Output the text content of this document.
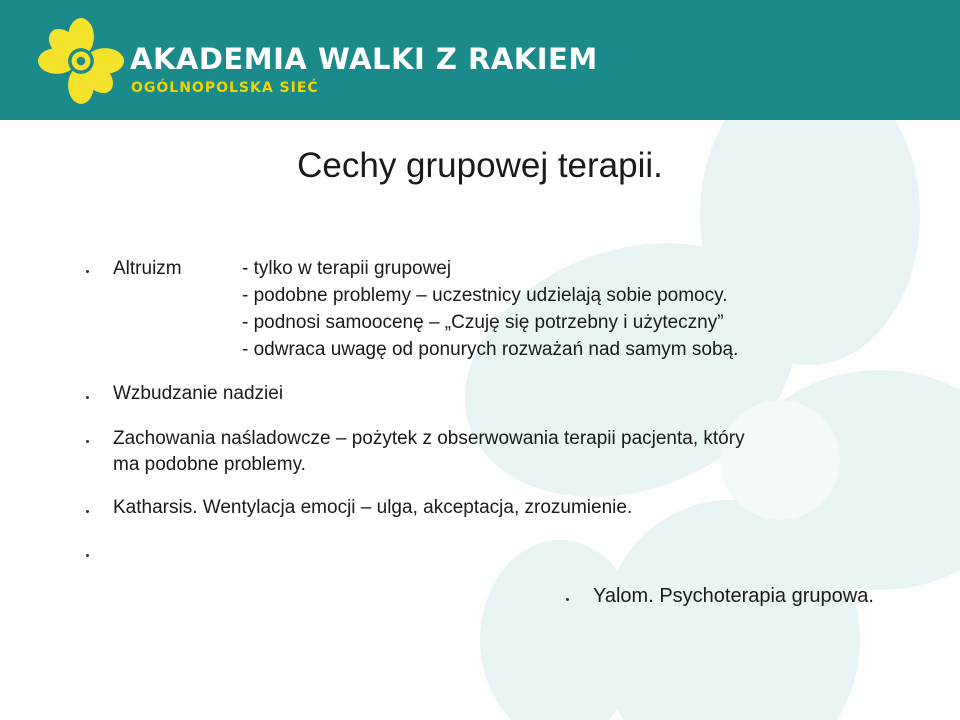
AKADEMIA WALKI Z RAKIEM

OGÓLNOPOLSKA SIEĆ

Cechy grupowej terapii.

Altruizm	- tylko w terapii grupowej

- podobne problemy – uczestnicy udzielają sobie pomocy.

- podnosi samoocenę – „Czuję się potrzebny i użyteczny”

- odwraca uwagę od ponurych rozważań nad samym sobą.

Wzbudzanie nadziei

Zachowania naśladowcze – pożytek z obserwowania terapii pacjenta, który

ma podobne problemy.

Katharsis. Wentylacja emocji – ulga, akceptacja, zrozumienie.

Yalom. Psychoterapia grupowa.
